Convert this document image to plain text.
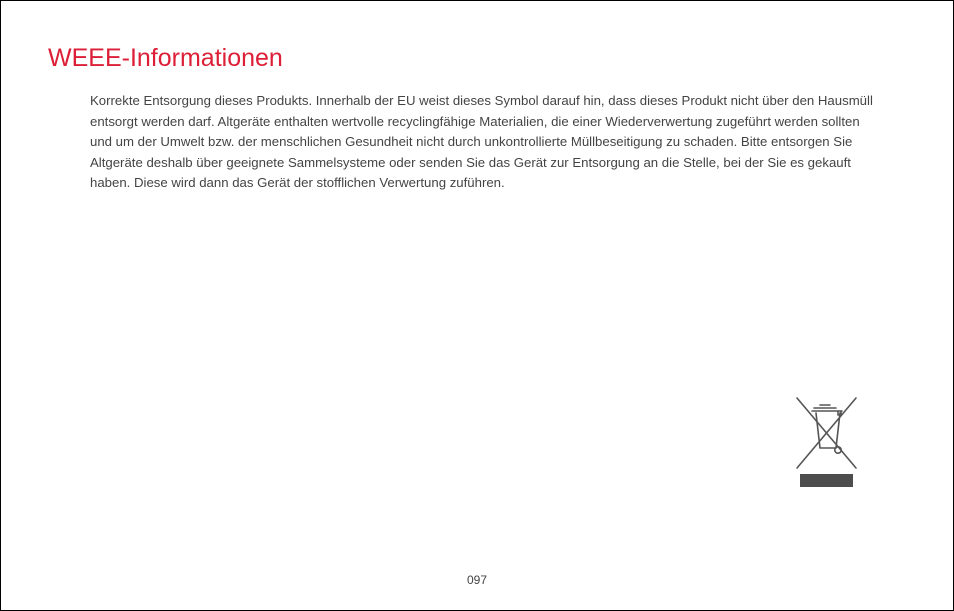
WEEE-Informationen

Korrekte Entsorgung dieses Produkts. Innerhalb der EU weist dieses Symbol darauf hin, dass dieses Produkt nicht über den Hausmüll entsorgt werden darf. Altgeräte enthalten wertvolle recyclingfähige Materialien, die einer Wiederverwertung zugeführt werden sollten und um der Umwelt bzw. der menschlichen Gesundheit nicht durch unkontrollierte Müllbeseitigung zu schaden. Bitte entsorgen Sie Altgeräte deshalb über geeignete Sammelsysteme oder senden Sie das Gerät zur Entsorgung an die Stelle, bei der Sie es gekauft haben. Diese wird dann das Gerät der stofflichen Verwertung zuführen.

097
